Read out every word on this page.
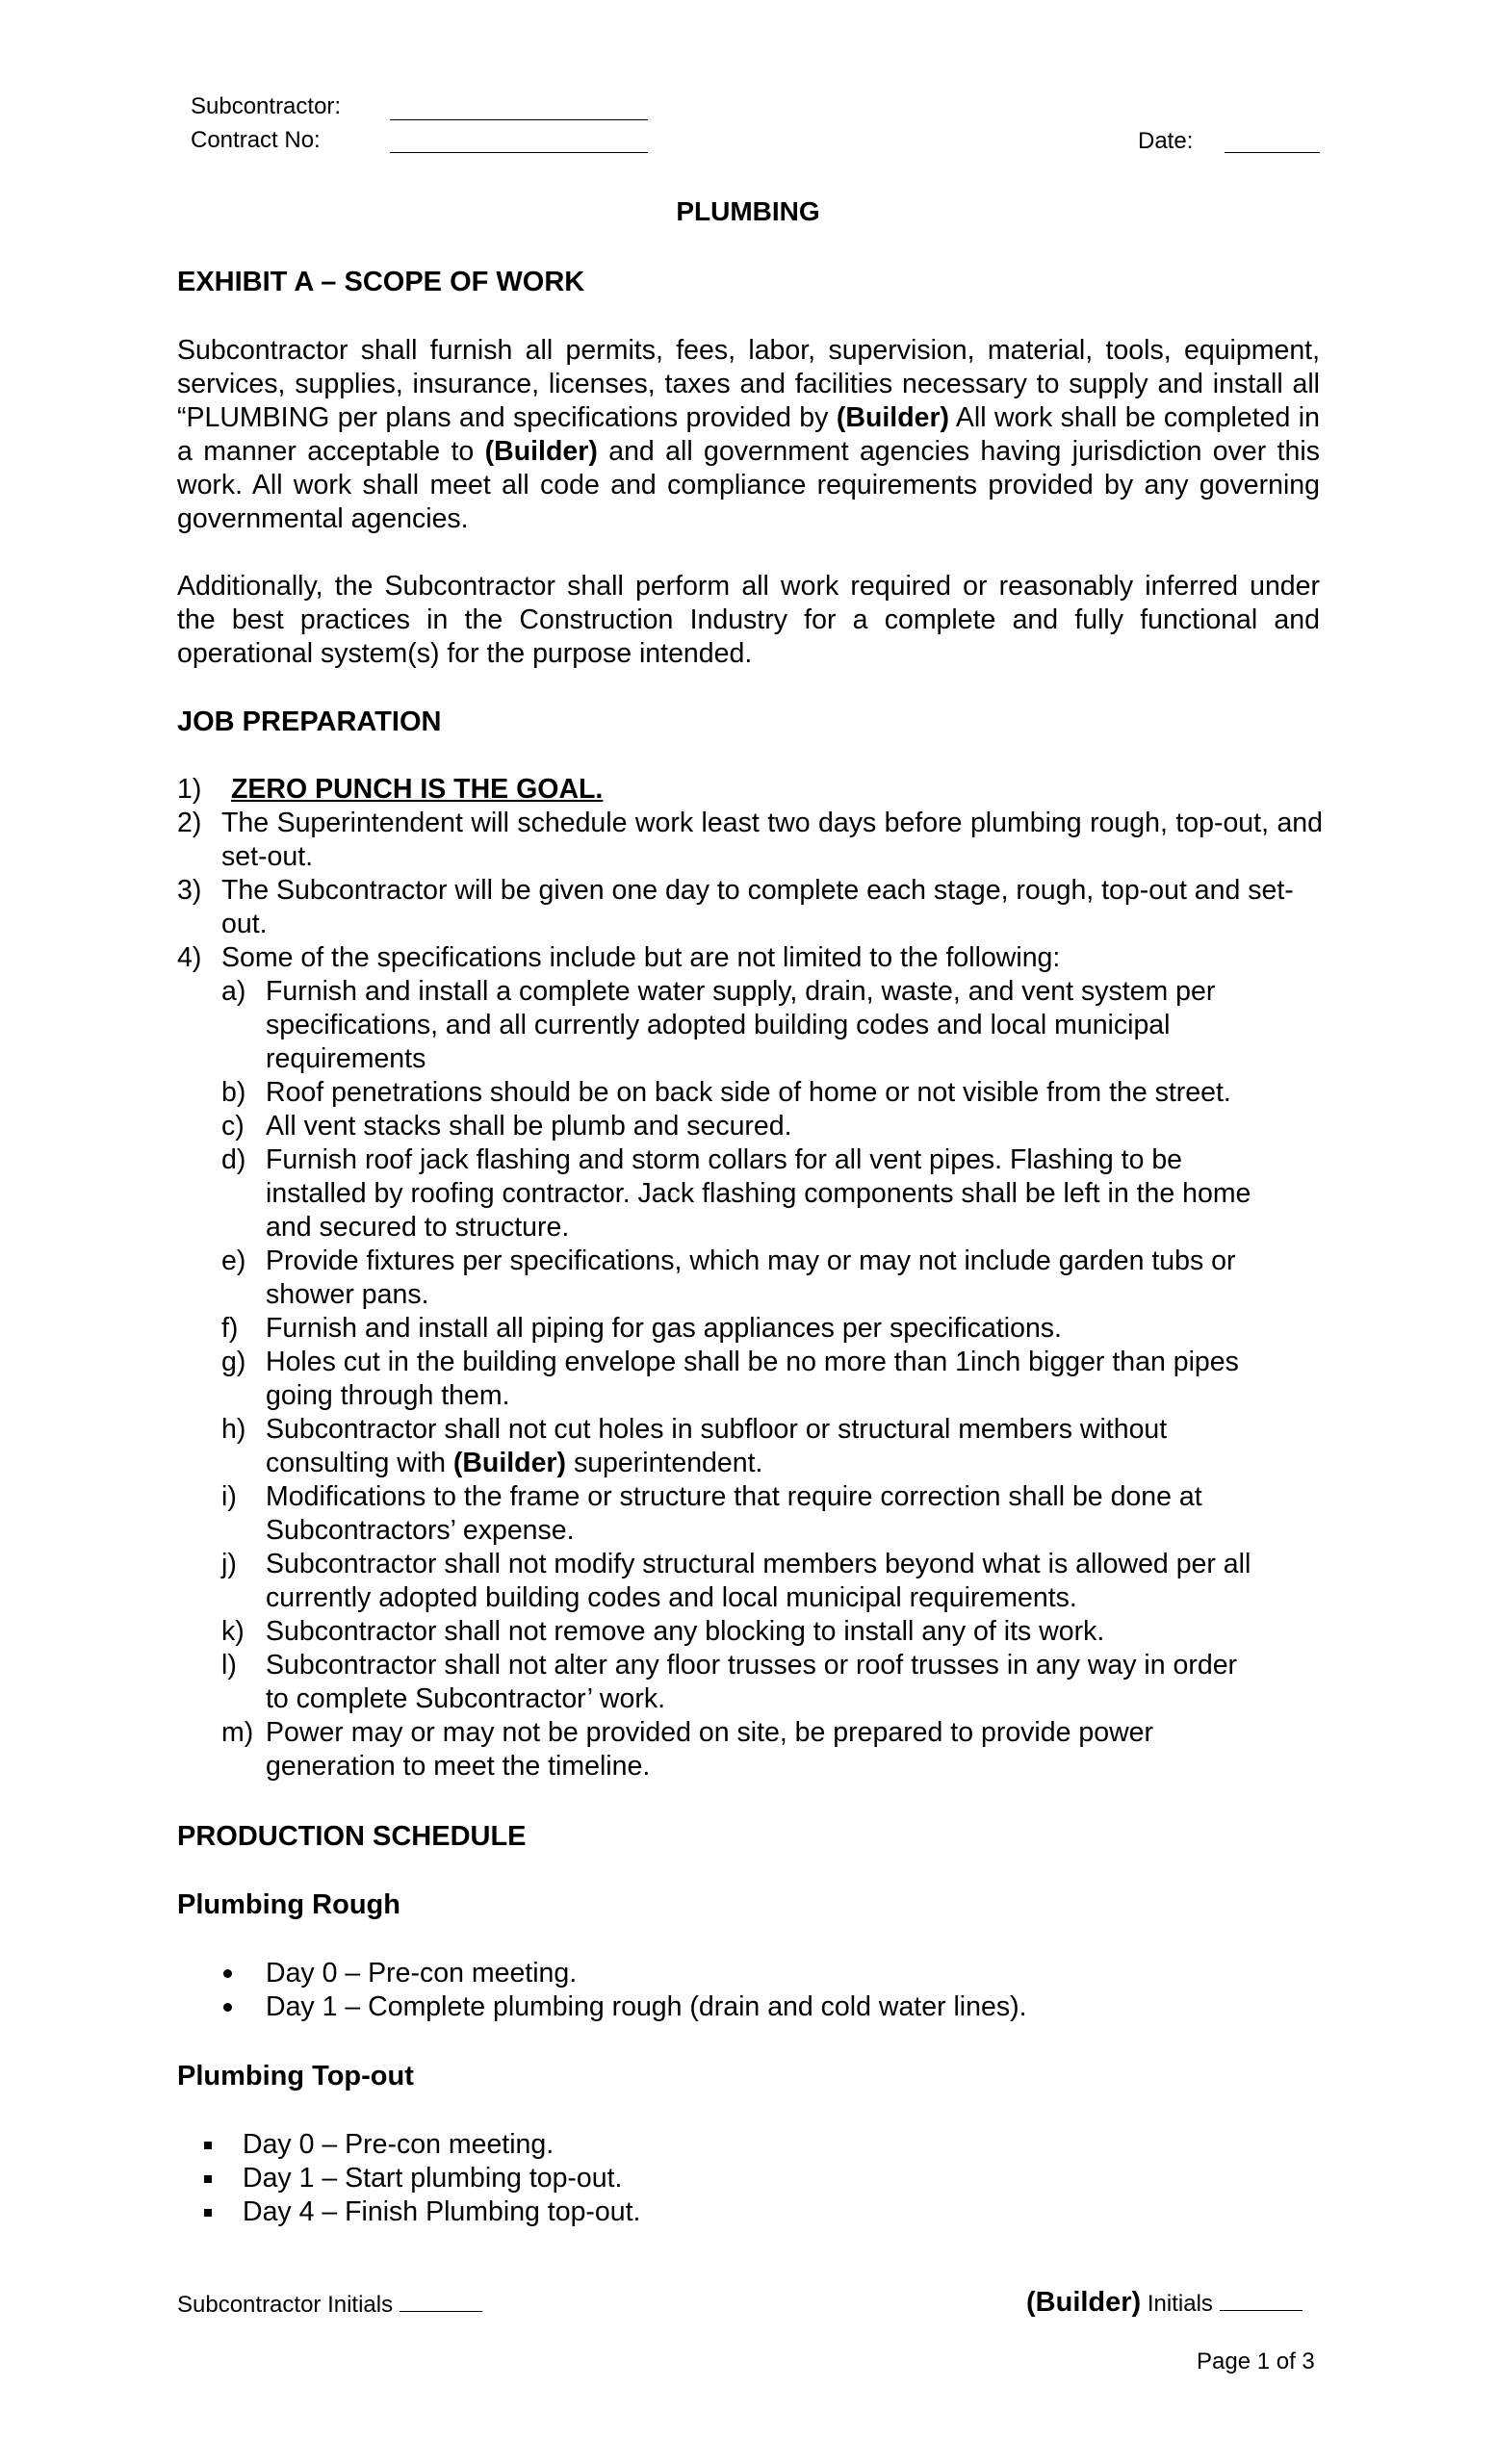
Subcontractor:
Contract No:	Date:
PLUMBING
EXHIBIT A – SCOPE OF WORK
Subcontractor shall furnish all permits, fees, labor, supervision, material, tools, equipment, services, supplies, insurance, licenses, taxes and facilities necessary to supply and install all “PLUMBING per plans and specifications provided by (Builder) All work shall be completed in a manner acceptable to (Builder) and all government agencies having jurisdiction over this work. All work shall meet all code and compliance requirements provided by any governing governmental agencies.
Additionally, the Subcontractor shall perform all work required or reasonably inferred under the best practices in the Construction Industry for a complete and fully functional and operational system(s) for the purpose intended.
JOB PREPARATION
1) ZERO PUNCH IS THE GOAL.
2) The Superintendent will schedule work least two days before plumbing rough, top-out, and set-out.
3) The Subcontractor will be given one day to complete each stage, rough, top-out and set-out.
4) Some of the specifications include but are not limited to the following:
a) Furnish and install a complete water supply, drain, waste, and vent system per specifications, and all currently adopted building codes and local municipal requirements
b) Roof penetrations should be on back side of home or not visible from the street.
c) All vent stacks shall be plumb and secured.
d) Furnish roof jack flashing and storm collars for all vent pipes. Flashing to be installed by roofing contractor. Jack flashing components shall be left in the home and secured to structure.
e) Provide fixtures per specifications, which may or may not include garden tubs or shower pans.
f) Furnish and install all piping for gas appliances per specifications.
g) Holes cut in the building envelope shall be no more than 1inch bigger than pipes going through them.
h) Subcontractor shall not cut holes in subfloor or structural members without consulting with (Builder) superintendent.
i) Modifications to the frame or structure that require correction shall be done at Subcontractors’ expense.
j) Subcontractor shall not modify structural members beyond what is allowed per all currently adopted building codes and local municipal requirements.
k) Subcontractor shall not remove any blocking to install any of its work.
l) Subcontractor shall not alter any floor trusses or roof trusses in any way in order to complete Subcontractor’ work.
m) Power may or may not be provided on site, be prepared to provide power generation to meet the timeline.
PRODUCTION SCHEDULE
Plumbing Rough
Day 0 – Pre-con meeting.
Day 1 – Complete plumbing rough (drain and cold water lines).
Plumbing Top-out
Day 0 – Pre-con meeting.
Day 1 – Start plumbing top-out.
Day 4 – Finish Plumbing top-out.
Subcontractor Initials	(Builder) Initials
Page 1 of 3
